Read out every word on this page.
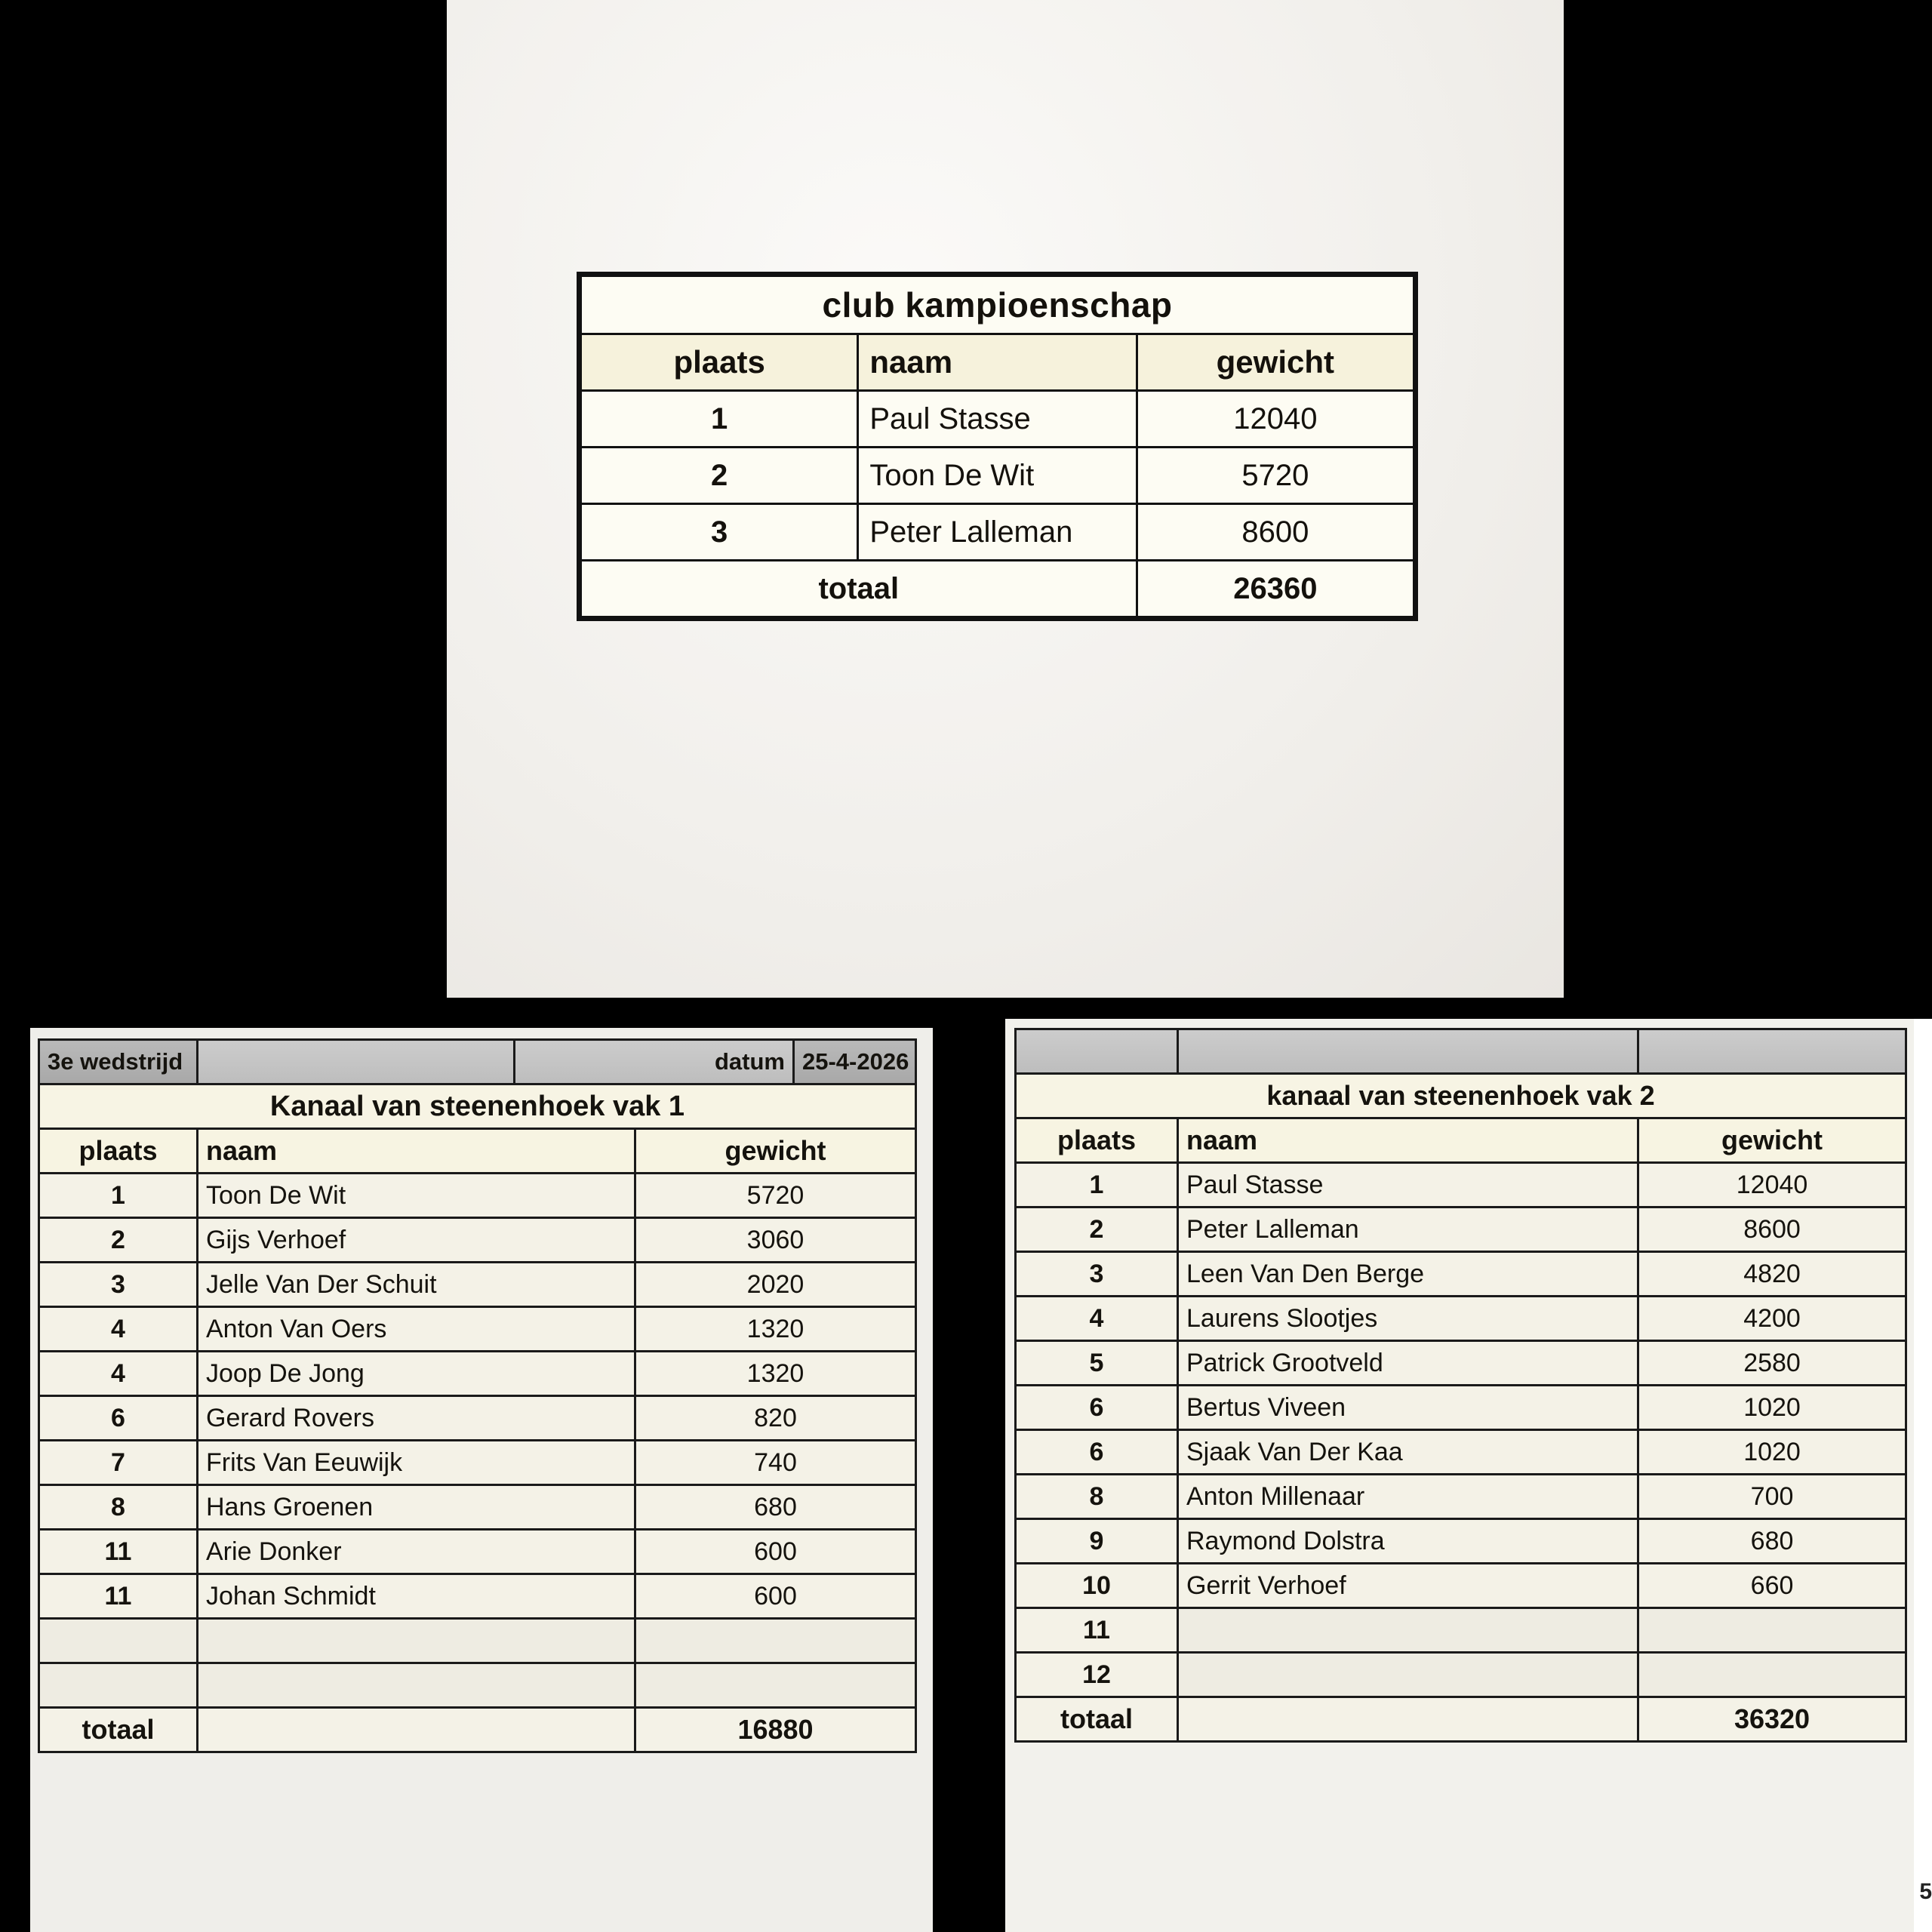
club kampioenschap		
plaats	naam	gewicht
1	Paul Stasse	12040
2	Toon De Wit	5720
3	Peter Lalleman	8600
totaal		26360
3e wedstrijd		datum		25-4-2026
Kanaal van steenenhoek vak 1				
plaats	naam		gewicht	
1	Toon De Wit		5720	
2	Gijs Verhoef		3060	
3	Jelle Van Der Schuit		2020	
4	Anton Van Oers		1320	
4	Joop De Jong		1320	
6	Gerard Rovers		820	
7	Frits Van Eeuwijk		740	
8	Hans Groenen		680	
11	Arie Donker		600	
11	Johan Schmidt		600	

totaal			16880	
5

kanaal van steenenhoek vak 2		
plaats	naam	gewicht
1	Paul Stasse	12040
2	Peter Lalleman	8600
3	Leen Van Den Berge	4820
4	Laurens Slootjes	4200
5	Patrick Grootveld	2580
6	Bertus Viveen	1020
6	Sjaak Van Der Kaa	1020
8	Anton Millenaar	700
9	Raymond Dolstra	680
10	Gerrit Verhoef	660
11		
12		
totaal		36320
